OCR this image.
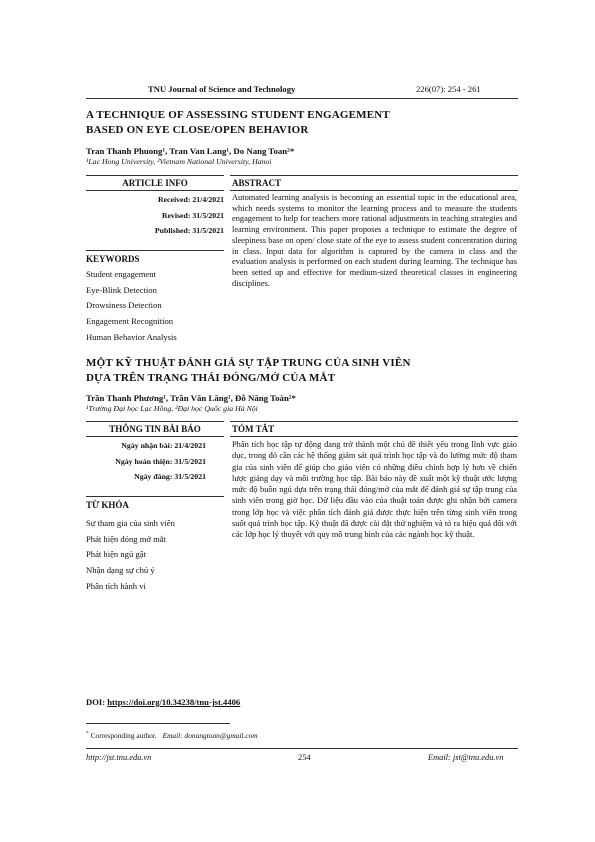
TNU Journal of Science and Technology	226(07): 254 - 261
A TECHNIQUE OF ASSESSING STUDENT ENGAGEMENT
BASED ON EYE CLOSE/OPEN BEHAVIOR
Tran Thanh Phuong¹, Tran Van Lang¹, Do Nang Toan²*
¹Lac Hong University, ²Vietnam National University, Hanoi
ARTICLE INFO	ABSTRACT
Received: 21/4/2021
Revised: 31/5/2021
Published: 31/5/2021
KEYWORDS
Student engagement
Eye-Blink Detection
Drowsiness Detection
Engagement Recognition
Human Behavior Analysis
Automated learning analysis is becoming an essential topic in the educational area, which needs systems to monitor the learning process and to measure the students engagement to help for teachers more rational adjustments in teaching strategies and learning environment. This paper proposes a technique to estimate the degree of sleepiness base on open/ close state of the eye to assess student concentration during in class. Input data for algorithm is captured by the camera in class and the evaluation analysis is performed on each student during learning. The technique has been setted up and effective for medium-sized theoretical classes in engineering disciplines.
MỘT KỸ THUẬT ĐÁNH GIÁ SỰ TẬP TRUNG CỦA SINH VIÊN
DỰA TRÊN TRẠNG THÁI ĐÓNG/MỞ CỦA MẮT
Trần Thanh Phương¹, Trần Văn Lăng¹, Đỗ Năng Toàn²*
¹Trường Đại học Lạc Hồng, ²Đại học Quốc gia Hà Nội
THÔNG TIN BÀI BÁO	TÓM TẮT
Ngày nhận bài: 21/4/2021
Ngày hoàn thiện: 31/5/2021
Ngày đăng: 31/5/2021
TỪ KHÓA
Sự tham gia của sinh viên
Phát hiện đóng mở mắt
Phát hiện ngủ gật
Nhận dạng sự chú ý
Phân tích hành vi
Phân tích học tập tự động đang trở thành một chủ đề thiết yếu trong lĩnh vực giáo dục, trong đó cần các hệ thống giám sát quá trình học tập và đo lường mức độ tham gia của sinh viên để giúp cho giáo viên có những điều chỉnh hợp lý hơn về chiến lược giảng dạy và môi trường học tập. Bài báo này đề xuất một kỹ thuật ước lượng mức độ buồn ngủ dựa trên trạng thái đóng/mở của mắt để đánh giá sự tập trung của sinh viên trong giờ học. Dữ liệu đầu vào của thuật toán được ghi nhận bởi camera trong lớp học và việc phân tích đánh giá được thực hiện trên từng sinh viên trong suốt quá trình học tập. Kỹ thuật đã được cài đặt thử nghiệm và tỏ ra hiệu quả đối với các lớp học lý thuyết với quy mô trung bình của các ngành học kỹ thuật.
DOI: https://doi.org/10.34238/tnu-jst.4406
* Corresponding author. Email: donangtoan@gmail.com
http://jst.tnu.edu.vn	254	Email: jst@tnu.edu.vn
